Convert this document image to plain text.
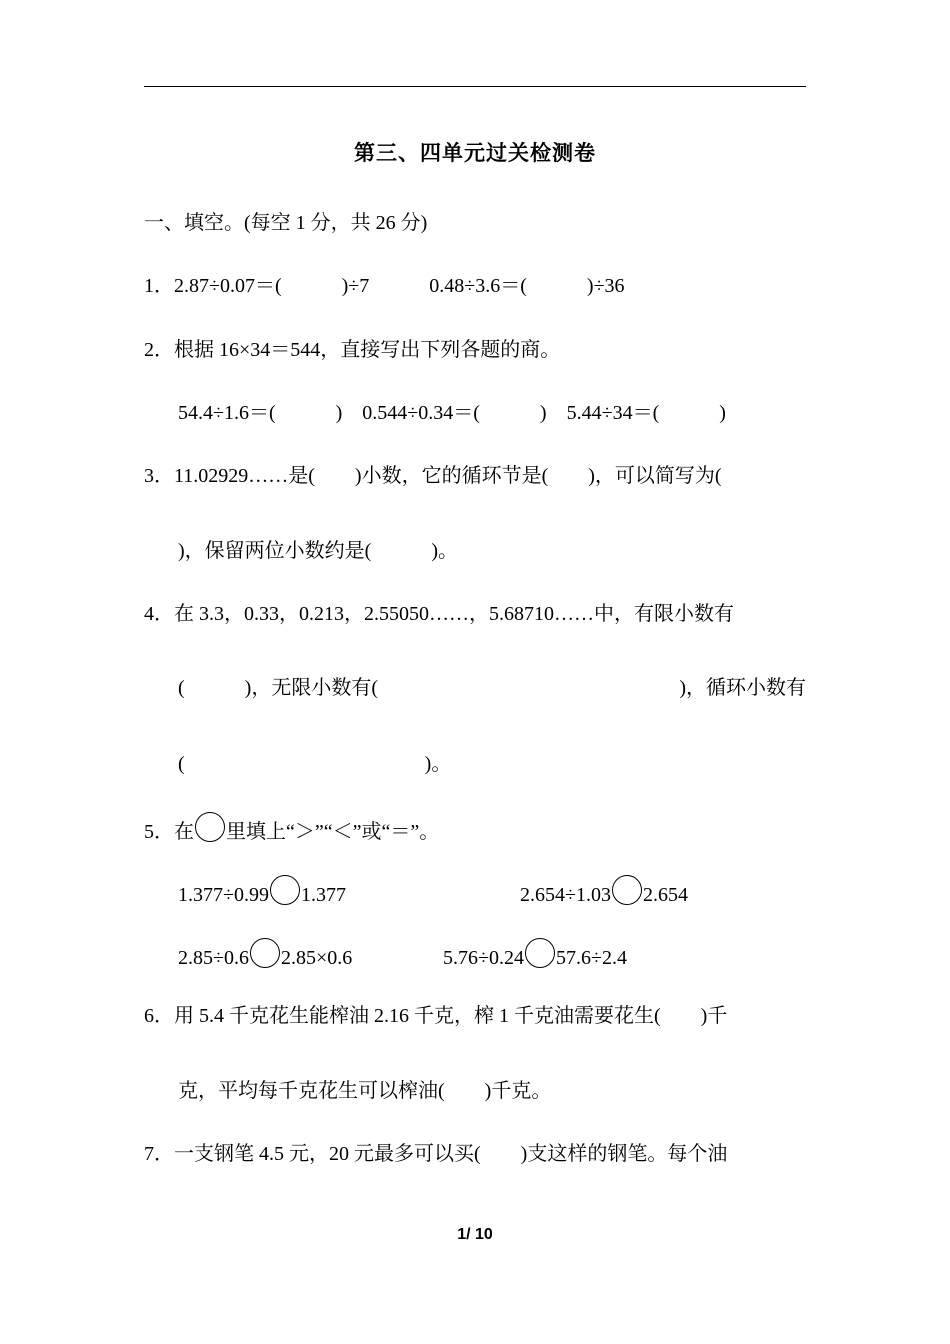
第三、四单元过关检测卷
一、填空。(每空 1 分，共 26 分)
1．2.87÷0.07＝(　　　)÷7　　　0.48÷3.6＝(　　　)÷36
2．根据 16×34＝544，直接写出下列各题的商。
54.4÷1.6＝(　　　)　0.544÷0.34＝(　　　)　5.44÷34＝(　　　)
3．11.02929……是(　　)小数，它的循环节是(　　)，可以简写为(
)，保留两位小数约是(　　　)。
4．在 3.3，0.33，0.213，2.55050……，5.68710……中，有限小数有
(　　　)，无限小数有(	)，循环小数有
(　　　　　　　　　　　　)。
5．在 里填上“＞”“＜”或“＝”。
1.377÷0.99 1.377	2.654÷1.03 2.654
2.85÷0.6 2.85×0.6	5.76÷0.24 57.6÷2.4
6．用 5.4 千克花生能榨油 2.16 千克，榨 1 千克油需要花生(　　)千
克，平均每千克花生可以榨油(　　)千克。
7．一支钢笔 4.5 元，20 元最多可以买(　　)支这样的钢笔。每个油
1/ 10
